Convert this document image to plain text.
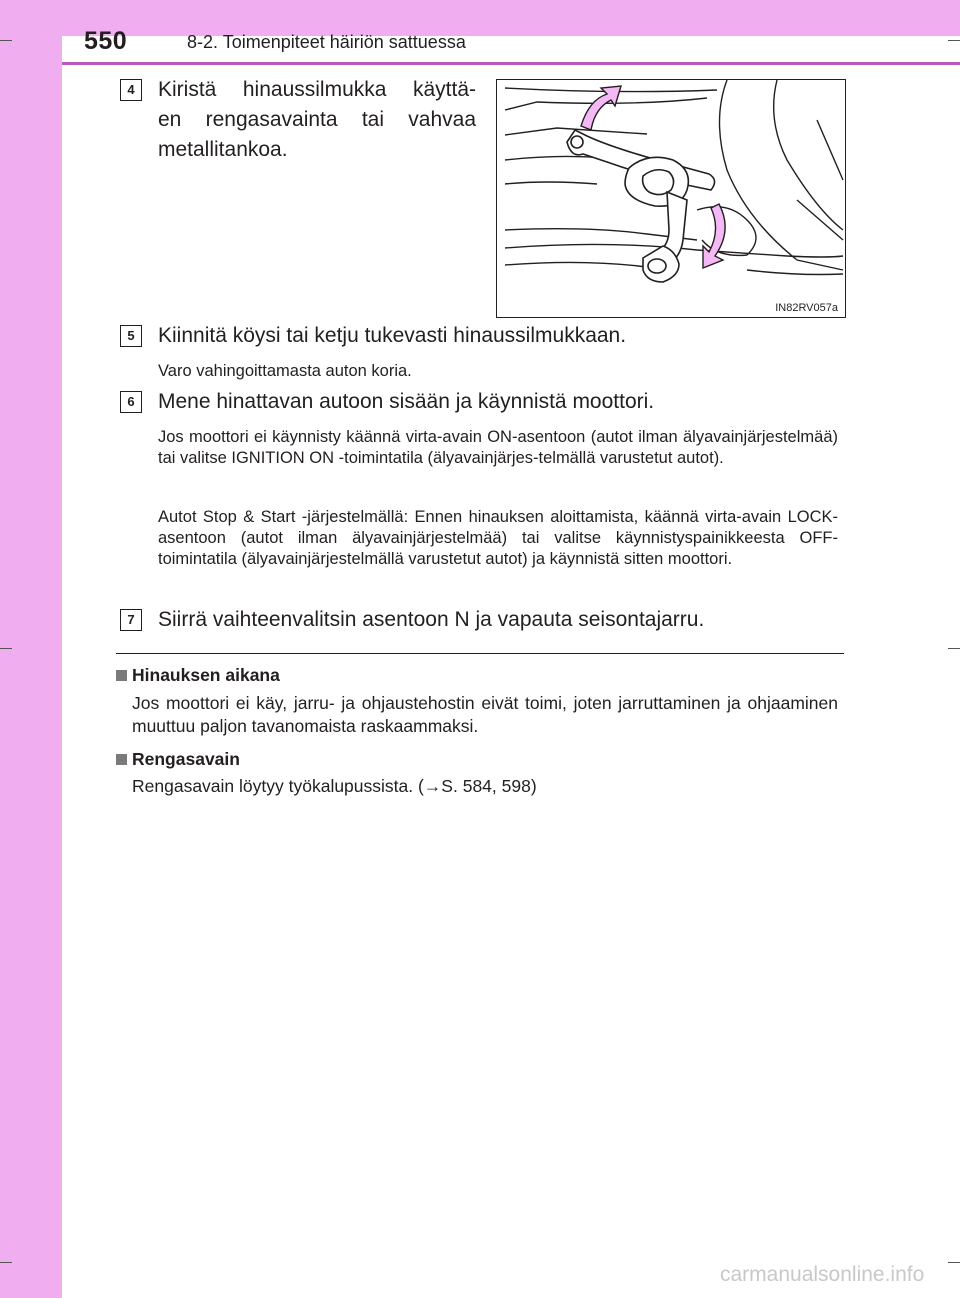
550	8-2. Toimenpiteet häiriön sattuessa
4	Kiristä hinaussilmukka käyttä-
en rengasavainta tai vahvaa
metallitankoa.
IN82RV057a
5	Kiinnitä köysi tai ketju tukevasti hinaussilmukkaan.
Varo vahingoittamasta auton koria.
6	Mene hinattavan autoon sisään ja käynnistä moottori.
Jos moottori ei käynnisty käännä virta-avain ON-asentoon (autot ilman älyavainjärjestelmää) tai valitse IGNITION ON -toimintatila (älyavainjärjes-telmällä varustetut autot).
Autot Stop & Start -järjestelmällä: Ennen hinauksen aloittamista, käännä virta-avain LOCK-asentoon (autot ilman älyavainjärjestelmää) tai valitse käynnistyspainikkeesta OFF-toimintatila (älyavainjärjestelmällä varustetut autot) ja käynnistä sitten moottori.
7	Siirrä vaihteenvalitsin asentoon N ja vapauta seisontajarru.
Hinauksen aikana
Jos moottori ei käy, jarru- ja ohjaustehostin eivät toimi, joten jarruttaminen ja ohjaaminen muuttuu paljon tavanomaista raskaammaksi.
Rengasavain
Rengasavain löytyy työkalupussista. (→S. 584, 598)
carmanualsonline.info
